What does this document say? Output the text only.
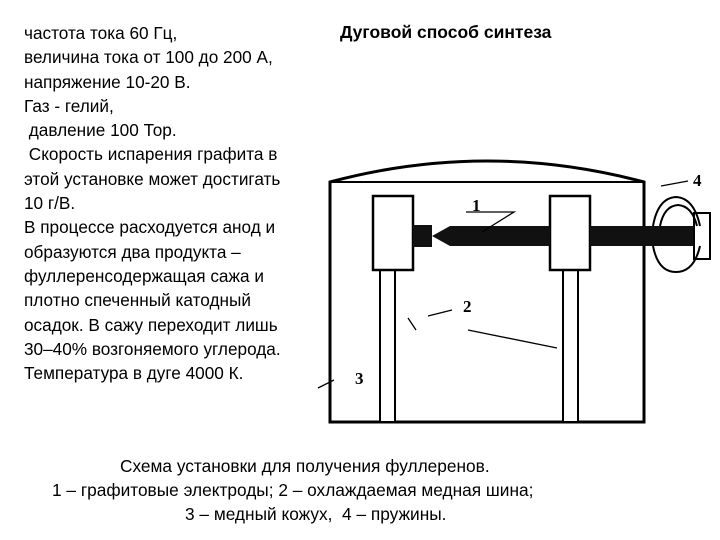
частота тока 60 Гц,
величина тока от 100 до 200 А,
напряжение 10-20 В.
Газ - гелий,
давление 100 Тор.
Скорость испарения графита в
этой установке может достигать
10 г/В.
В процессе расходуется анод и
образуются два продукта –
фуллеренсодержащая сажа и
плотно спеченный катодный
осадок. В сажу переходит лишь
30–40% возгоняемого углерода.
Температура в дуге 4000 К.
Дуговой способ синтеза
1
2
3
4
Схема установки для получения фуллеренов.
1 – графитовые электроды; 2 – охлаждаемая медная шина;
3 – медный кожух,  4 – пружины.
